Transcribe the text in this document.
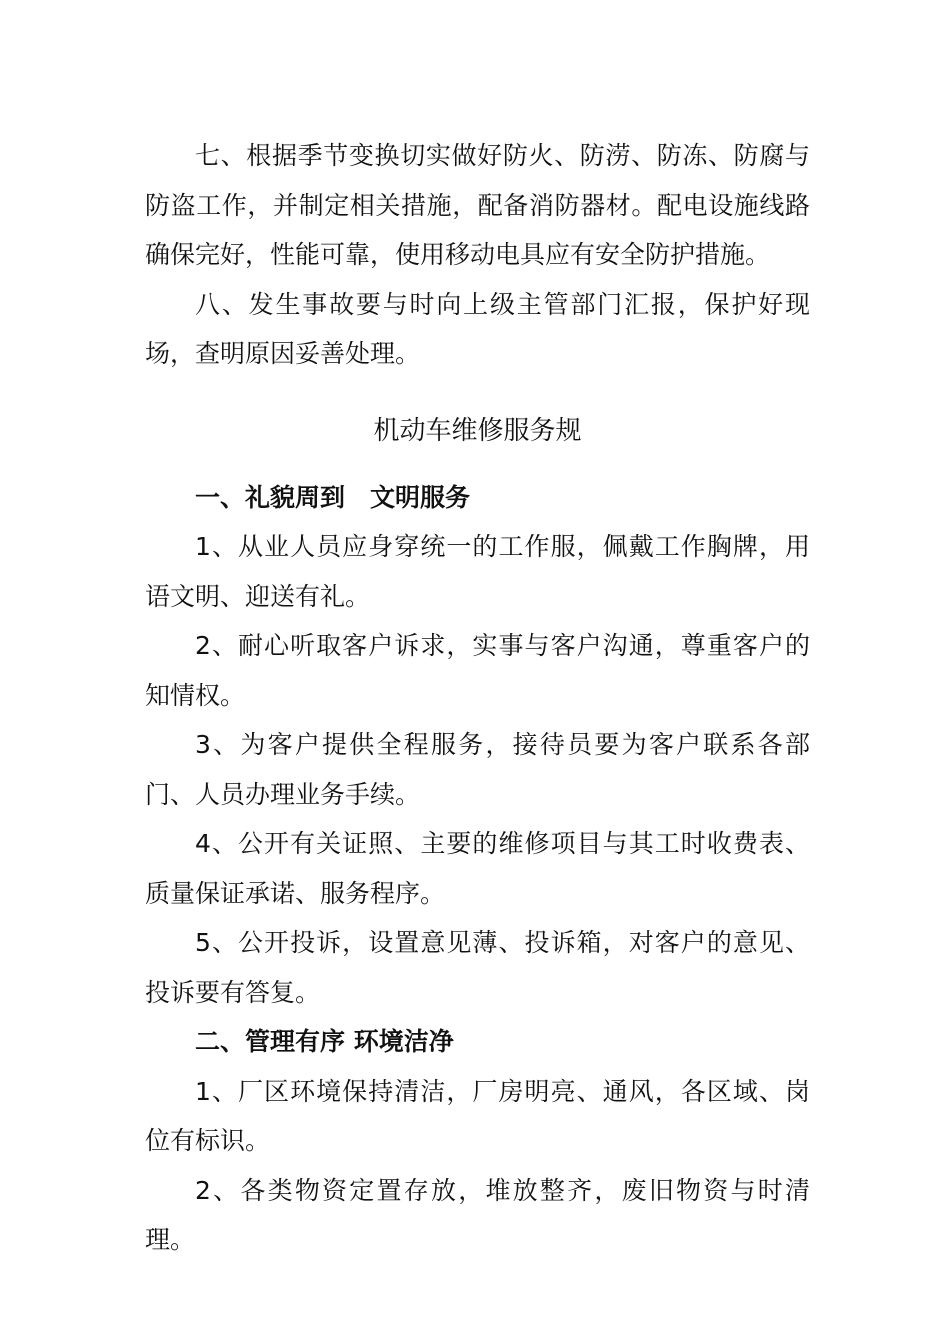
七、根据季节变换切实做好防火、防涝、防冻、防腐与防盗工作，并制定相关措施，配备消防器材。配电设施线路确保完好，性能可靠，使用移动电具应有安全防护措施。

八、发生事故要与时向上级主管部门汇报，保护好现场，查明原因妥善处理。

机动车维修服务规

一、礼貌周到　文明服务

1、从业人员应身穿统一的工作服，佩戴工作胸牌，用语文明、迎送有礼。

2、耐心听取客户诉求，实事与客户沟通，尊重客户的知情权。

3、为客户提供全程服务，接待员要为客户联系各部门、人员办理业务手续。

4、公开有关证照、主要的维修项目与其工时收费表、质量保证承诺、服务程序。

5、公开投诉，设置意见薄、投诉箱，对客户的意见、投诉要有答复。

二、管理有序 环境洁净

1、厂区环境保持清洁，厂房明亮、通风，各区域、岗位有标识。

2、各类物资定置存放，堆放整齐，废旧物资与时清理。
